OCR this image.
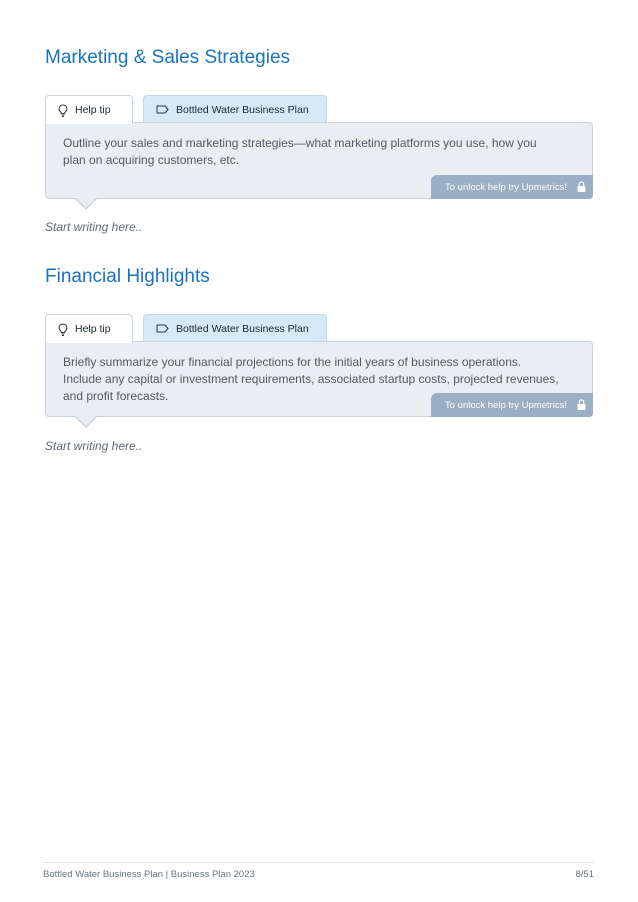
Marketing & Sales Strategies
Help tip	Bottled Water Business Plan

Outline your sales and marketing strategies—what marketing platforms you use, how you plan on acquiring customers, etc.

To unlock help try Upmetrics!

Start writing here..

Financial Highlights
Help tip	Bottled Water Business Plan

Briefly summarize your financial projections for the initial years of business operations. Include any capital or investment requirements, associated startup costs, projected revenues, and profit forecasts.

To unlock help try Upmetrics!

Start writing here..

Bottled Water Business Plan | Business Plan 2023	8/51
